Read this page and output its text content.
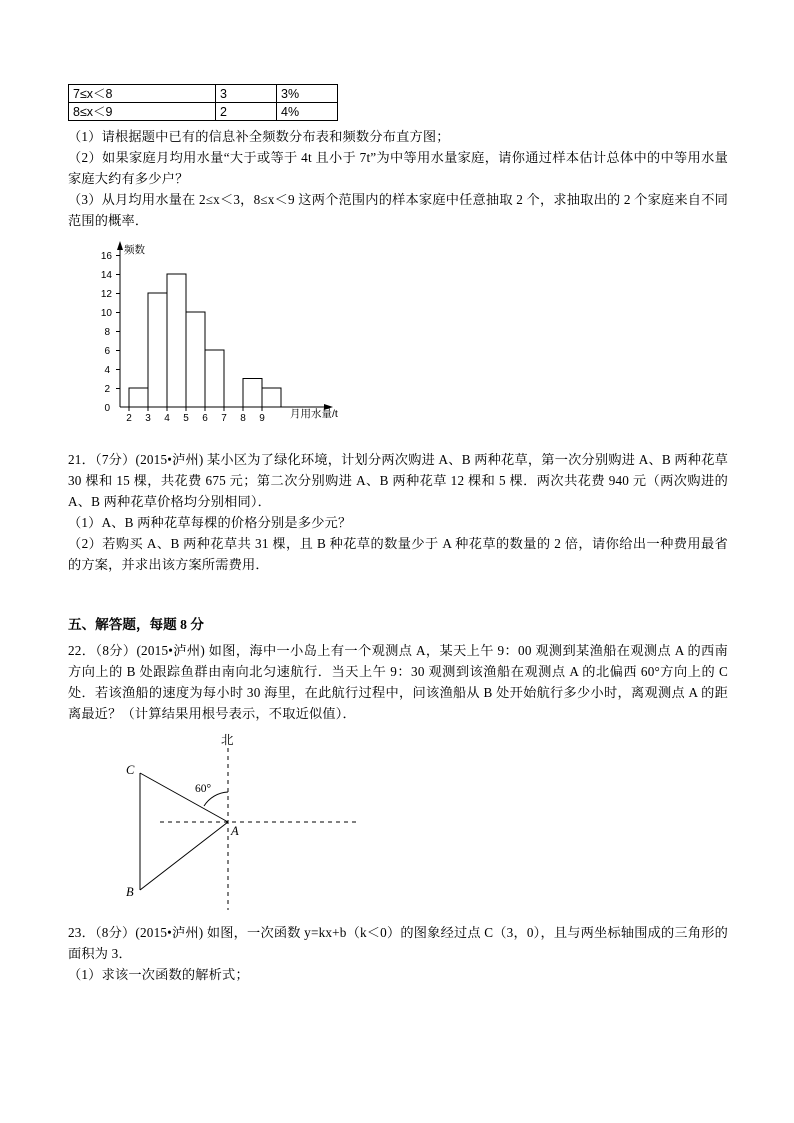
7≤x＜8	3	3%
8≤x＜9	2	4%

（1）请根据题中已有的信息补全频数分布表和频数分布直方图；

（2）如果家庭月均用水量“大于或等于 4t 且小于 7t”为中等用水量家庭，请你通过样本估计总体中的中等用水量家庭大约有多少户？

（3）从月均用水量在 2≤x＜3，8≤x＜9 这两个范围内的样本家庭中任意抽取 2 个，求抽取出的 2 个家庭来自不同范围的概率．

0
2
4
6
8
10
12
14
16
频数
2 3 4 5 6 7 8 9 月用水量/t

21．（7分）(2015•泸州) 某小区为了绿化环境，计划分两次购进 A、B 两种花草，第一次分别购进 A、B 两种花草 30 棵和 15 棵，共花费 675 元；第二次分别购进 A、B 两种花草 12 棵和 5 棵．两次共花费 940 元（两次购进的 A、B 两种花草价格均分别相同）．

（1）A、B 两种花草每棵的价格分别是多少元？

（2）若购买 A、B 两种花草共 31 棵，且 B 种花草的数量少于 A 种花草的数量的 2 倍，请你给出一种费用最省的方案，并求出该方案所需费用．

五、解答题，每题 8 分

22．（8分）(2015•泸州) 如图，海中一小岛上有一个观测点 A，某天上午 9：00 观测到某渔船在观测点 A 的西南方向上的 B 处跟踪鱼群由南向北匀速航行．当天上午 9：30 观测到该渔船在观测点 A 的北偏西 60°方向上的 C 处．若该渔船的速度为每小时 30 海里，在此航行过程中，问该渔船从 B 处开始航行多少小时，离观测点 A 的距离最近？（计算结果用根号表示，不取近似值）．

北
C
B
A
60°

23．（8分）(2015•泸州) 如图，一次函数 y=kx+b（k＜0）的图象经过点 C（3，0），且与两坐标轴围成的三角形的面积为 3．

（1）求该一次函数的解析式；
